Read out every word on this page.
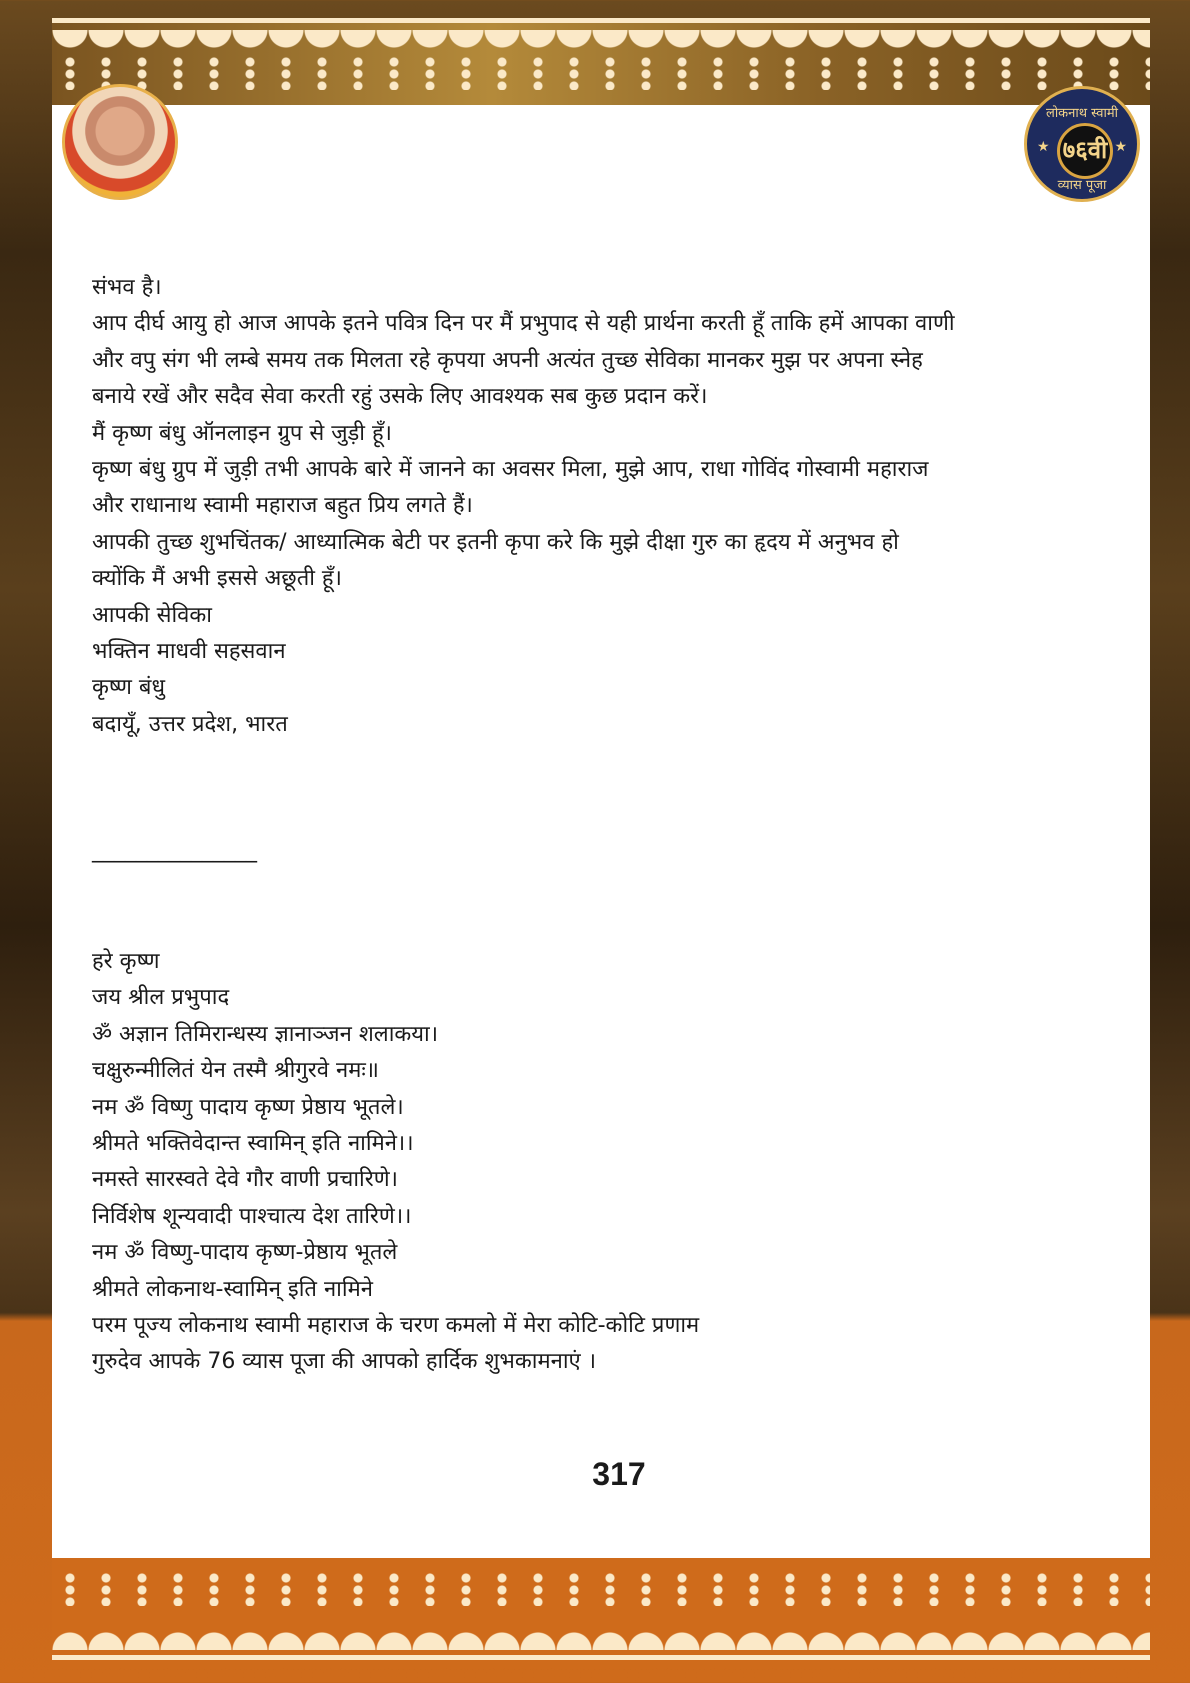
लोकनाथ स्वामी
★ ७६वी ★
व्यास पूजा
संभव है।
आप दीर्घ आयु हो आज आपके इतने पवित्र दिन पर मैं प्रभुपाद से यही प्रार्थना करती हूँ ताकि हमें आपका वाणी
और वपु संग भी लम्बे समय तक मिलता रहे कृपया अपनी अत्यंत तुच्छ सेविका मानकर मुझ पर अपना स्नेह
बनाये रखें और सदैव सेवा करती रहुं उसके लिए आवश्यक सब कुछ प्रदान करें।
मैं कृष्ण बंधु ऑनलाइन ग्रुप से जुड़ी हूँ।
कृष्ण बंधु ग्रुप में जुड़ी तभी आपके बारे में जानने का अवसर मिला, मुझे आप, राधा गोविंद गोस्वामी महाराज
और राधानाथ स्वामी महाराज बहुत प्रिय लगते हैं।
आपकी तुच्छ शुभचिंतक/ आध्यात्मिक बेटी पर इतनी कृपा करे कि मुझे दीक्षा गुरु का हृदय में अनुभव हो
क्योंकि मैं अभी इससे अछूती हूँ।
आपकी सेविका
भक्तिन माधवी सहसवान
कृष्ण बंधु
बदायूँ, उत्तर प्रदेश, भारत
_______________
हरे कृष्ण
जय श्रील प्रभुपाद
ॐ अज्ञान तिमिरान्धस्य ज्ञानाञ्जन शलाकया।
चक्षुरुन्मीलितं येन तस्मै श्रीगुरवे नमः॥
नम ॐ विष्णु पादाय कृष्ण प्रेष्ठाय भूतले।
श्रीमते भक्तिवेदान्त स्वामिन् इति नामिने।।
नमस्ते सारस्वते देवे गौर वाणी प्रचारिणे।
निर्विशेष शून्यवादी पाश्चात्य देश तारिणे।।
नम ॐ विष्णु-पादाय कृष्ण-प्रेष्ठाय भूतले
श्रीमते लोकनाथ-स्वामिन् इति नामिने
परम पूज्य लोकनाथ स्वामी महाराज के चरण कमलो में मेरा कोटि-कोटि प्रणाम
गुरुदेव आपके 76 व्यास पूजा की आपको हार्दिक शुभकामनाएं ।
317
